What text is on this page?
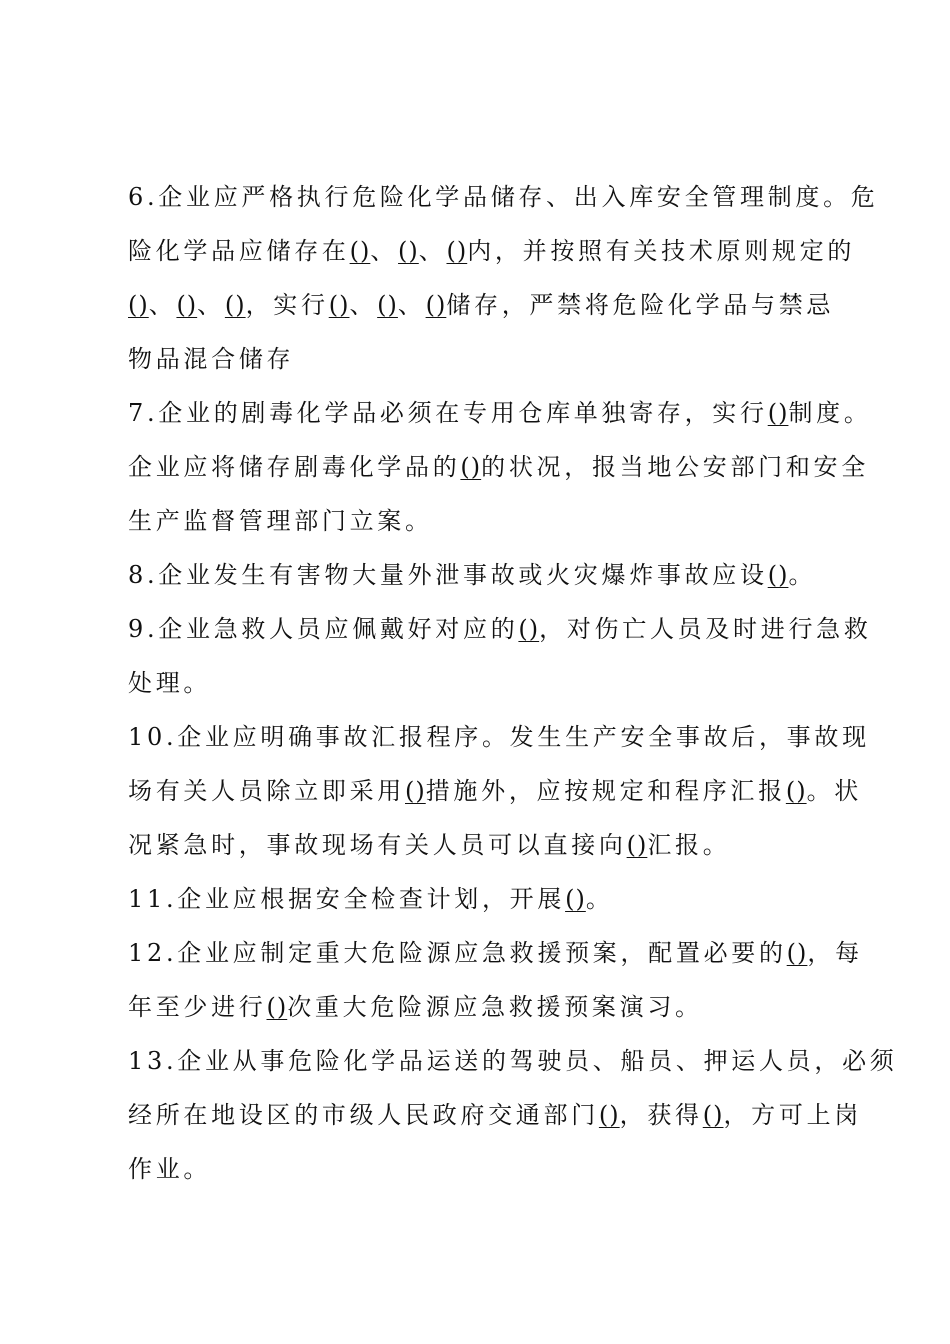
6.企业应严格执行危险化学品储存、出入库安全管理制度。危
险化学品应储存在()、()、()内，并按照有关技术原则规定的
()、()、()，实行()、()、()储存，严禁将危险化学品与禁忌
物品混合储存
7.企业的剧毒化学品必须在专用仓库单独寄存，实行()制度。
企业应将储存剧毒化学品的()的状况，报当地公安部门和安全
生产监督管理部门立案。
8.企业发生有害物大量外泄事故或火灾爆炸事故应设()。
9.企业急救人员应佩戴好对应的()，对伤亡人员及时进行急救
处理。
10.企业应明确事故汇报程序。发生生产安全事故后，事故现
场有关人员除立即采用()措施外，应按规定和程序汇报()。状
况紧急时，事故现场有关人员可以直接向()汇报。
11.企业应根据安全检查计划，开展()。
12.企业应制定重大危险源应急救援预案，配置必要的()，每
年至少进行()次重大危险源应急救援预案演习。
13.企业从事危险化学品运送的驾驶员、船员、押运人员，必须
经所在地设区的市级人民政府交通部门()，获得()，方可上岗
作业。
